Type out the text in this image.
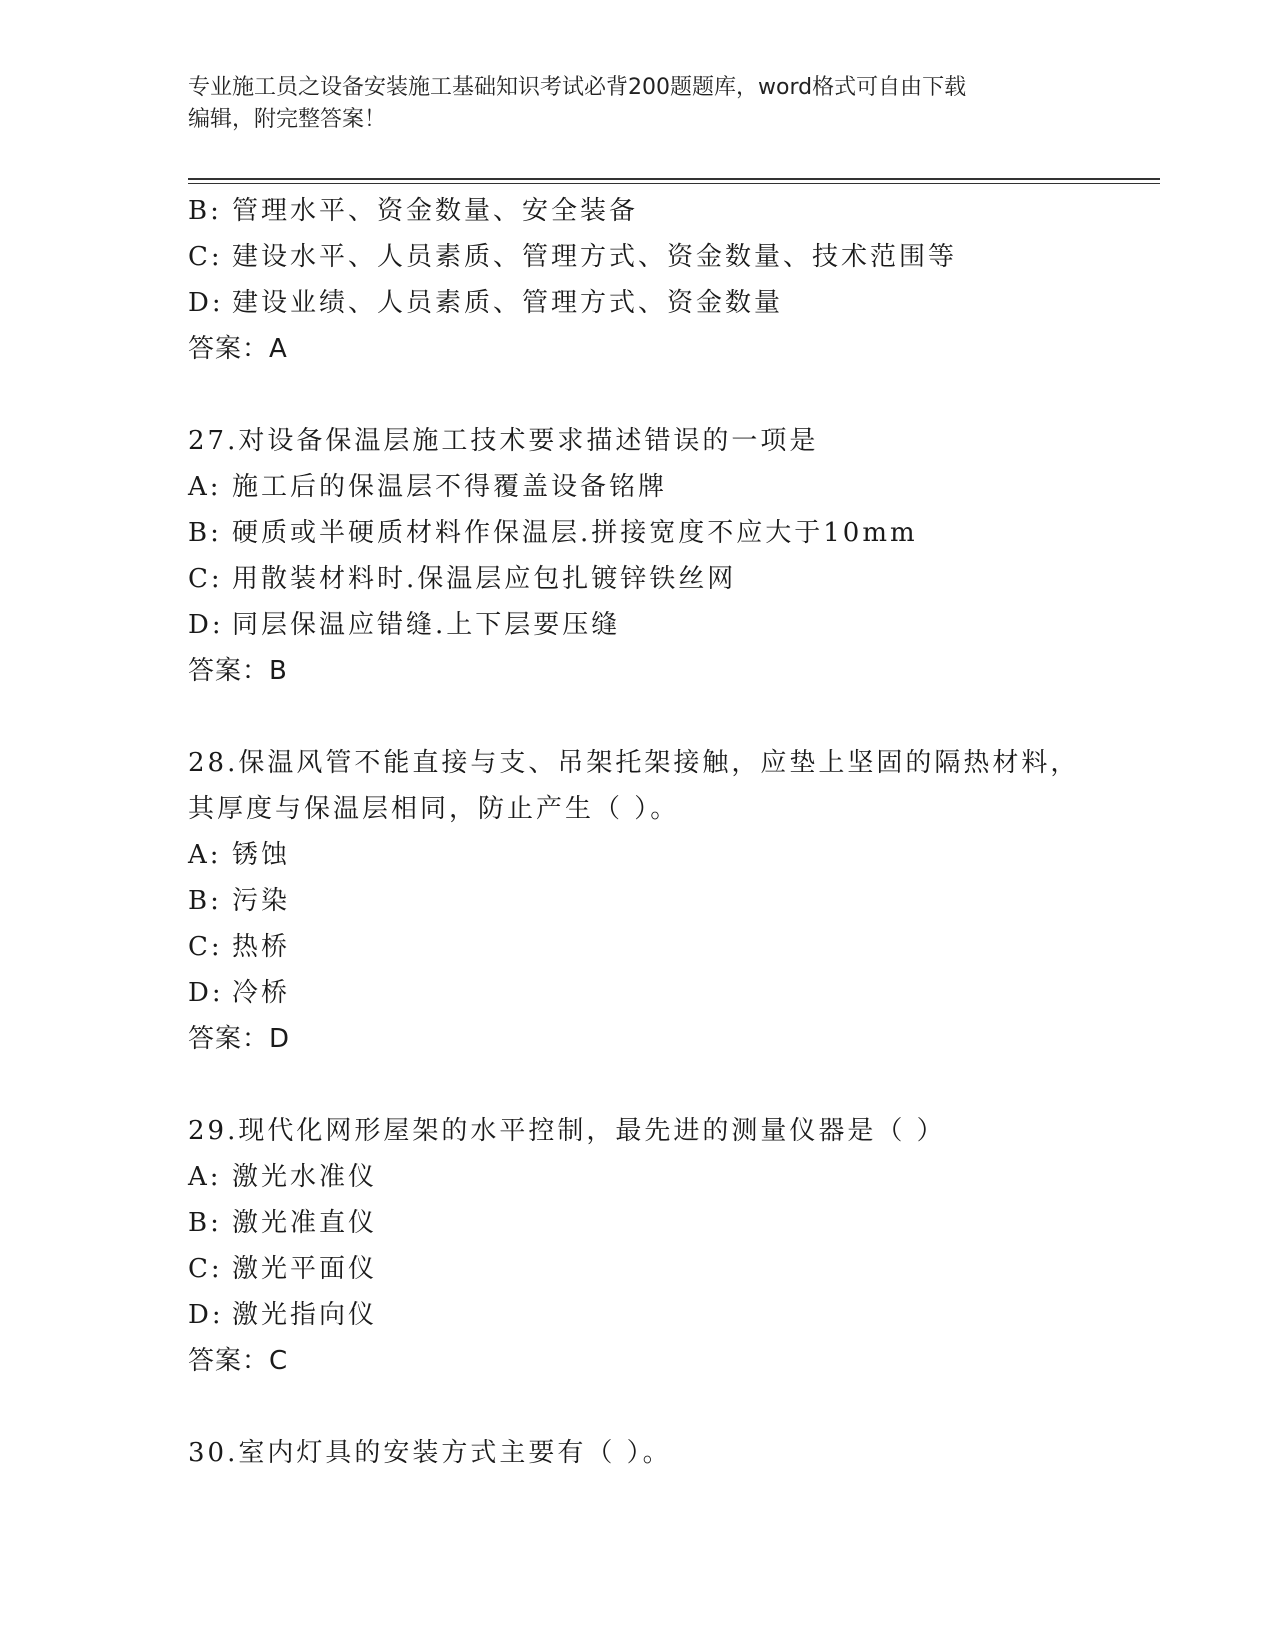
专业施工员之设备安装施工基础知识考试必背200题题库，word格式可自由下载
编辑，附完整答案！
B: 管理水平、资金数量、安全装备
C: 建设水平、人员素质、管理方式、资金数量、技术范围等
D: 建设业绩、人员素质、管理方式、资金数量
答案：A
27.对设备保温层施工技术要求描述错误的一项是
A: 施工后的保温层不得覆盖设备铭牌
B: 硬质或半硬质材料作保温层.拼接宽度不应大于10mm
C: 用散装材料时.保温层应包扎镀锌铁丝网
D: 同层保温应错缝.上下层要压缝
答案：B
28.保温风管不能直接与支、吊架托架接触，应垫上坚固的隔热材料，
其厚度与保温层相同，防止产生（ ）。
A: 锈蚀
B: 污染
C: 热桥
D: 冷桥
答案：D
29.现代化网形屋架的水平控制，最先进的测量仪器是（ ）
A: 激光水准仪
B: 激光准直仪
C: 激光平面仪
D: 激光指向仪
答案：C
30.室内灯具的安装方式主要有（ ）。
